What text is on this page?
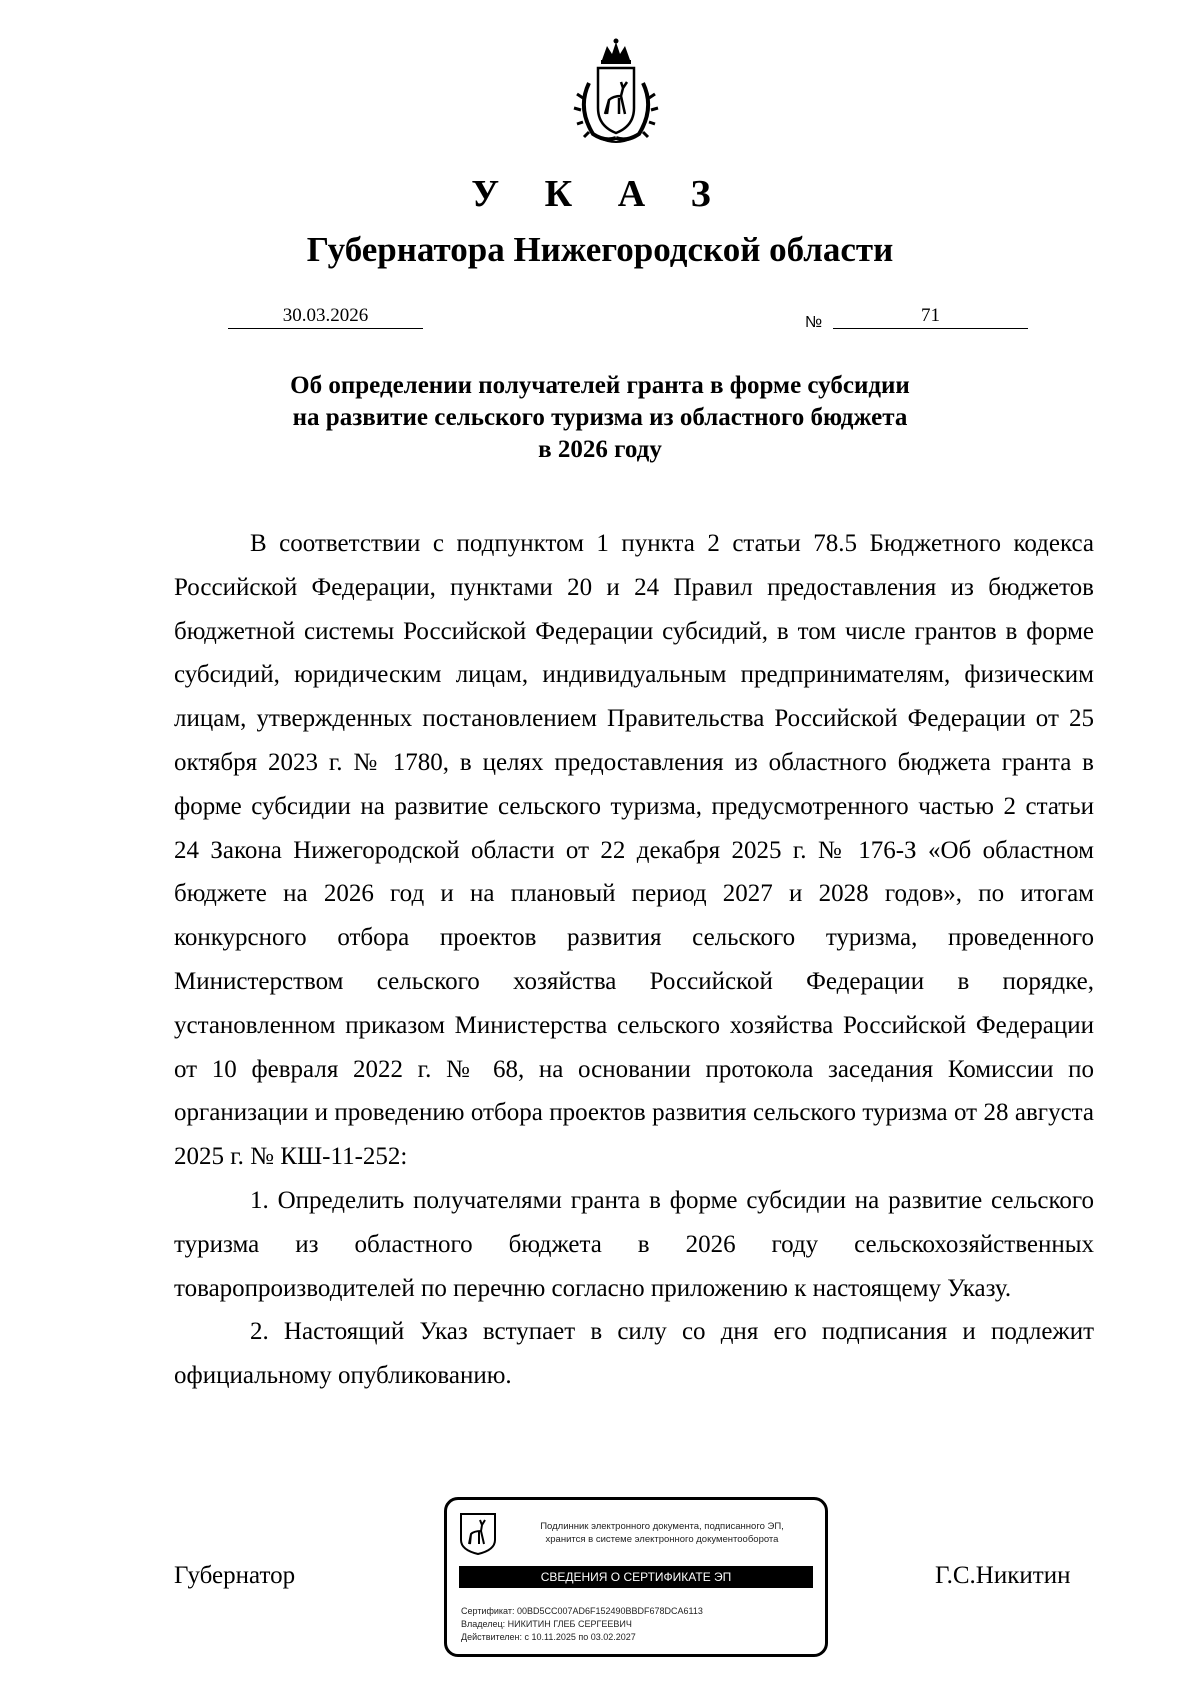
У К А З
Губернатора Нижегородской области
30.03.2026	№	71
Об определении получателей гранта в форме субсидии
на развитие сельского туризма из областного бюджета
в 2026 году

В соответствии с подпунктом 1 пункта 2 статьи 78.5 Бюджетного кодекса Российской Федерации, пунктами 20 и 24 Правил предоставления из бюджетов бюджетной системы Российской Федерации субсидий, в том числе грантов в форме субсидий, юридическим лицам, индивидуальным предпринимателям, физическим лицам, утвержденных постановлением Правительства Российской Федерации от 25 октября 2023 г. № 1780, в целях предоставления из областного бюджета гранта в форме субсидии на развитие сельского туризма, предусмотренного частью 2 статьи 24 Закона Нижегородской области от 22 декабря 2025 г. № 176-З «Об областном бюджете на 2026 год и на плановый период 2027 и 2028 годов», по итогам конкурсного отбора проектов развития сельского туризма, проведенного Министерством сельского хозяйства Российской Федерации в порядке, установленном приказом Министерства сельского хозяйства Российской Федерации от 10 февраля 2022 г. № 68, на основании протокола заседания Комиссии по организации и проведению отбора проектов развития сельского туризма от 28 августа 2025 г. № КШ-11-252:

1. Определить получателями гранта в форме субсидии на развитие сельского туризма из областного бюджета в 2026 году сельскохозяйственных товаропроизводителей по перечню согласно приложению к настоящему Указу.

2. Настоящий Указ вступает в силу со дня его подписания и подлежит официальному опубликованию.

Губернатор	Г.С.Никитин
Подлинник электронного документа, подписанного ЭП,
хранится в системе электронного документооборота
СВЕДЕНИЯ О СЕРТИФИКАТЕ ЭП
Сертификат: 00BD5CC007AD6F152490BBDF678DCA6113
Владелец: НИКИТИН ГЛЕБ СЕРГЕЕВИЧ
Действителен: с 10.11.2025 по 03.02.2027
